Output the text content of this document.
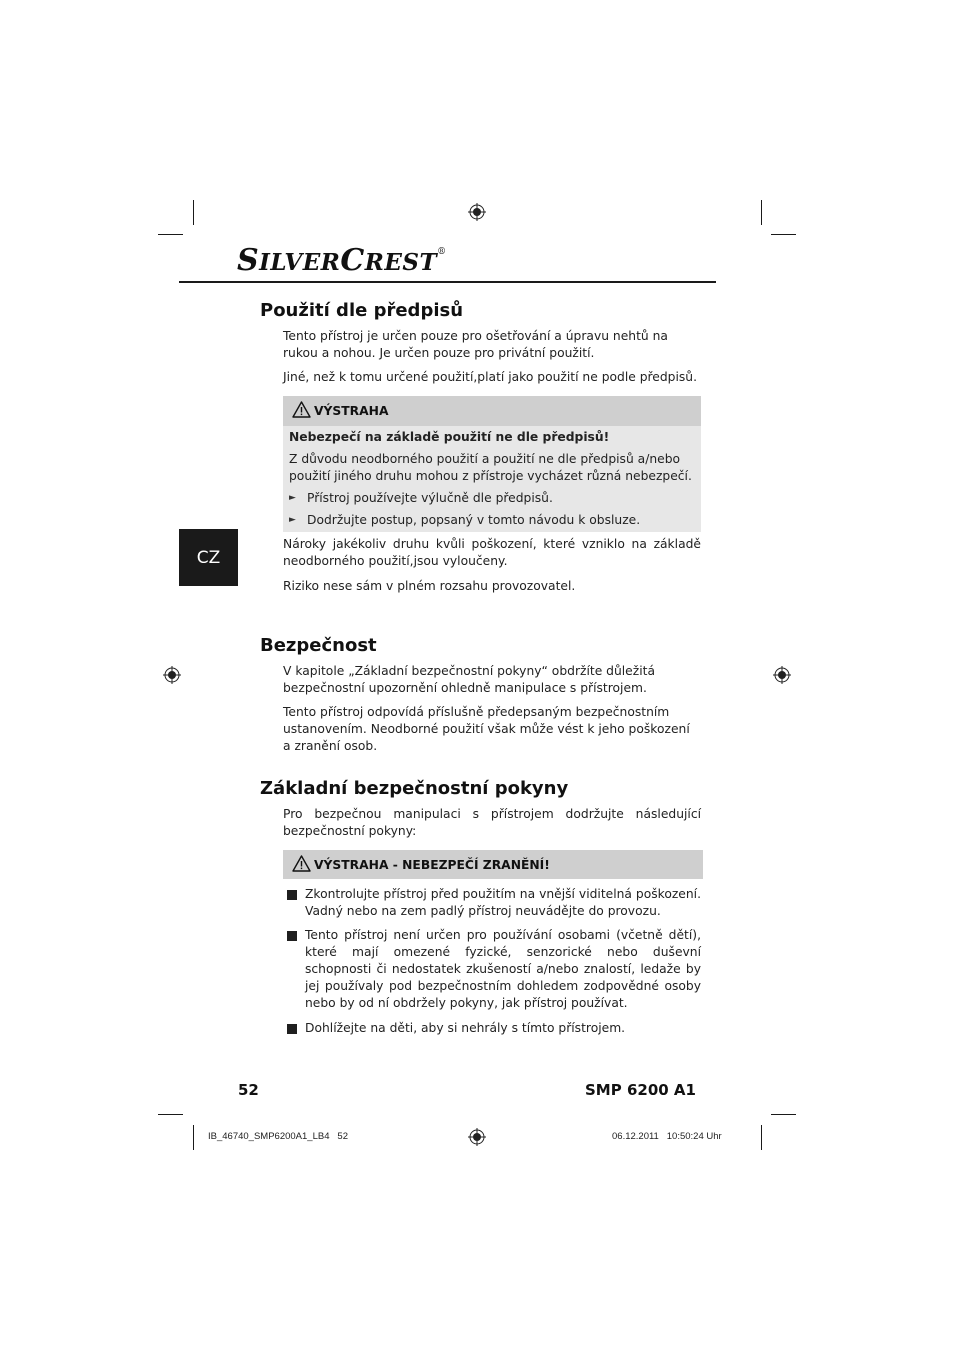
SILVERCREST®
CZ
Použití dle předpisů

Tento přístroj je určen pouze pro ošetřování a úpravu nehtů na rukou a nohou. Je určen pouze pro privátní použití.

Jiné, než k tomu určené použití,platí jako použití ne podle předpisů.

VÝSTRAHA

Nebezpečí na základě použití ne dle předpisů!

Z důvodu neodborného použití a použití ne dle předpisů a/nebo použití jiného druhu mohou z přístroje vycházet různá nebezpečí.

► Přístroj používejte výlučně dle předpisů.

► Dodržujte postup, popsaný v tomto návodu k obsluze.

Nároky jakékoliv druhu kvůli poškození, které vzniklo na základě neodborného použití,jsou vyloučeny.

Riziko nese sám v plném rozsahu provozovatel.

Bezpečnost

V kapitole „Základní bezpečnostní pokyny“ obdržíte důležitá bezpečnostní upozornění ohledně manipulace s přístrojem.

Tento přístroj odpovídá příslušně předepsaným bezpečnostním ustanovením. Neodborné použití však může vést k jeho poškození a zranění osob.

Základní bezpečnostní pokyny

Pro bezpečnou manipulaci s přístrojem dodržujte následující bezpečnostní pokyny:

VÝSTRAHA - NEBEZPEČÍ ZRANĚNÍ!

Zkontrolujte přístroj před použitím na vnější viditelná poškození. Vadný nebo na zem padlý přístroj neuvádějte do provozu.

Tento přístroj není určen pro používání osobami (včetně dětí), které mají omezené fyzické, senzorické nebo duševní schopnosti či nedostatek zkušeností a/nebo znalostí, ledaže by jej používaly pod bezpečnostním dohledem zodpovědné osoby nebo by od ní obdržely pokyny, jak přístroj používat.

Dohlížejte na děti, aby si nehrály s tímto přístrojem.

52	SMP 6200 A1
IB_46740_SMP6200A1_LB4   52	06.12.2011   10:50:24 Uhr
